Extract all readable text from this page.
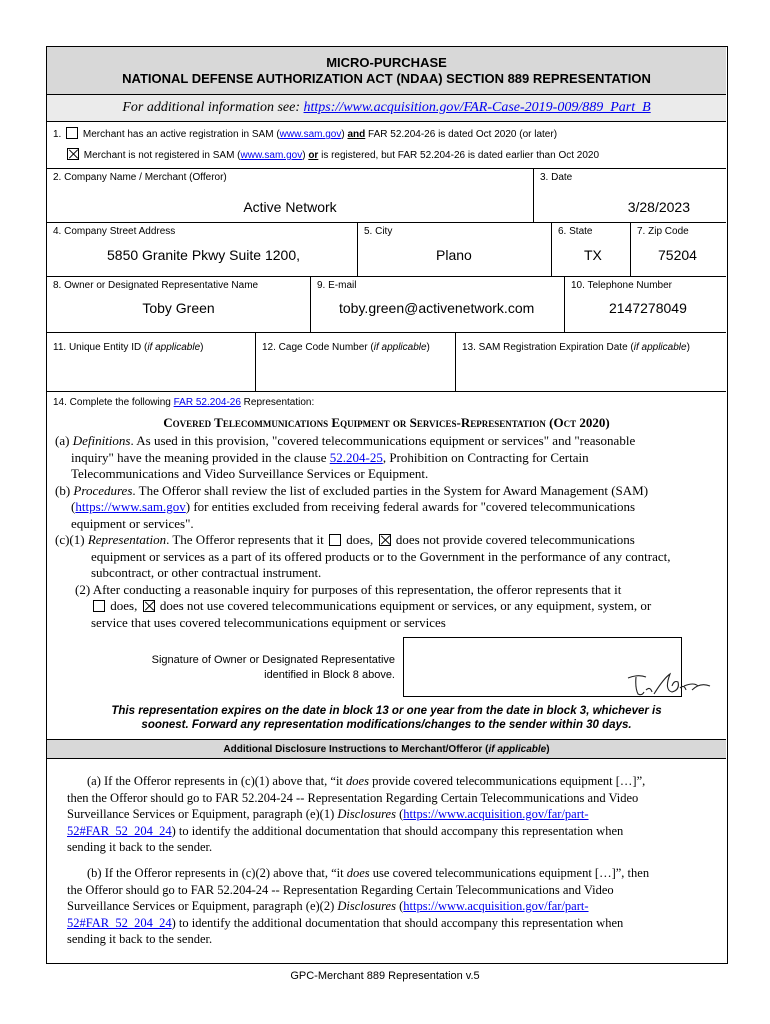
MICRO-PURCHASE
NATIONAL DEFENSE AUTHORIZATION ACT (NDAA) SECTION 889 REPRESENTATION
For additional information see: https://www.acquisition.gov/FAR-Case-2019-009/889_Part_B
1. Merchant has an active registration in SAM (www.sam.gov) and FAR 52.204-26 is dated Oct 2020 (or later)
Merchant is not registered in SAM (www.sam.gov) or is registered, but FAR 52.204-26 is dated earlier than Oct 2020
2. Company Name / Merchant (Offeror)
Active Network
3. Date
3/28/2023
4. Company Street Address
5850 Granite Pkwy Suite 1200,
5. City
Plano
6. State
TX
7. Zip Code
75204
8. Owner or Designated Representative Name
Toby Green
9. E-mail
toby.green@activenetwork.com
10. Telephone Number
2147278049
11. Unique Entity ID (if applicable)	12. Cage Code Number (if applicable)	13. SAM Registration Expiration Date (if applicable)
14. Complete the following FAR 52.204-26 Representation:
Covered Telecommunications Equipment or Services-Representation (Oct 2020)
(a) Definitions. As used in this provision, "covered telecommunications equipment or services" and "reasonable
inquiry" have the meaning provided in the clause 52.204-25, Prohibition on Contracting for Certain
Telecommunications and Video Surveillance Services or Equipment.
(b) Procedures. The Offeror shall review the list of excluded parties in the System for Award Management (SAM)
(https://www.sam.gov) for entities excluded from receiving federal awards for "covered telecommunications
equipment or services".
(c)(1) Representation. The Offeror represents that it  does, does not provide covered telecommunications
equipment or services as a part of its offered products or to the Government in the performance of any contract,
subcontract, or other contractual instrument.
(2) After conducting a reasonable inquiry for purposes of this representation, the offeror represents that it
does, does not use covered telecommunications equipment or services, or any equipment, system, or
service that uses covered telecommunications equipment or services
Signature of Owner or Designated Representative
identified in Block 8 above.
This representation expires on the date in block 13 or one year from the date in block 3, whichever is
soonest. Forward any representation modifications/changes to the sender within 30 days.
Additional Disclosure Instructions to Merchant/Offeror (if applicable)
(a) If the Offeror represents in (c)(1) above that, “it does provide covered telecommunications equipment […]”,
then the Offeror should go to FAR 52.204-24 -- Representation Regarding Certain Telecommunications and Video
Surveillance Services or Equipment, paragraph (e)(1) Disclosures (https://www.acquisition.gov/far/part-
52#FAR_52_204_24) to identify the additional documentation that should accompany this representation when
sending it back to the sender.
(b) If the Offeror represents in (c)(2) above that, “it does use covered telecommunications equipment […]”, then
the Offeror should go to FAR 52.204-24 -- Representation Regarding Certain Telecommunications and Video
Surveillance Services or Equipment, paragraph (e)(2) Disclosures (https://www.acquisition.gov/far/part-
52#FAR_52_204_24) to identify the additional documentation that should accompany this representation when
sending it back to the sender.
GPC-Merchant 889 Representation v.5
